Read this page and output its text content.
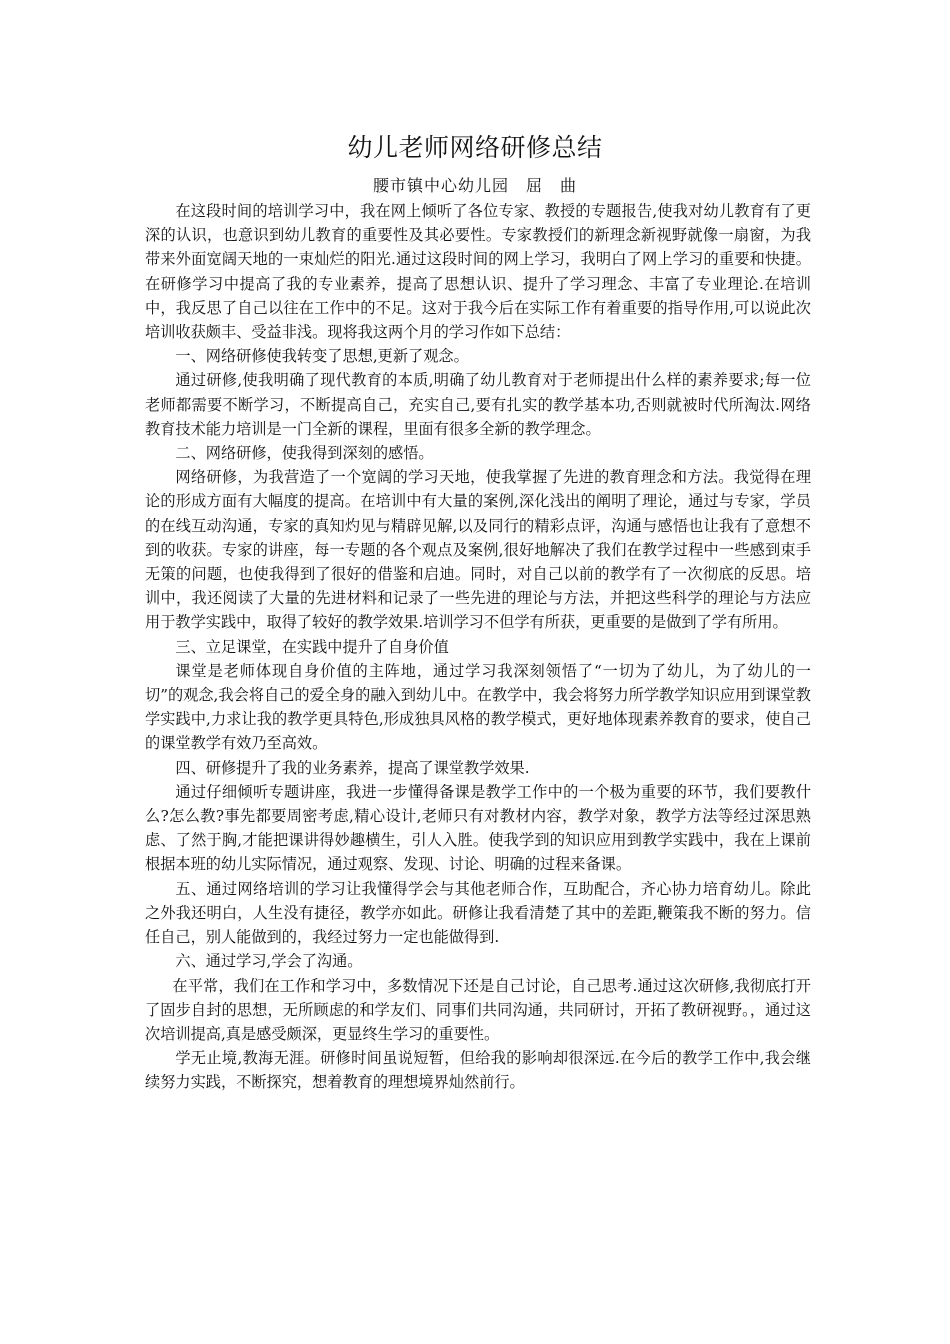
幼儿老师网络研修总结
腰市镇中心幼儿园　屈　曲

在这段时间的培训学习中，我在网上倾听了各位专家、教授的专题报告,使我对幼儿教育有了更深的认识，也意识到幼儿教育的重要性及其必要性。专家教授们的新理念新视野就像一扇窗，为我带来外面宽阔天地的一束灿烂的阳光.通过这段时间的网上学习，我明白了网上学习的重要和快捷。在研修学习中提高了我的专业素养，提高了思想认识、提升了学习理念、丰富了专业理论.在培训中，我反思了自己以往在工作中的不足。这对于我今后在实际工作有着重要的指导作用,可以说此次培训收获颇丰、受益非浅。现将我这两个月的学习作如下总结：

一、网络研修使我转变了思想,更新了观念。

通过研修,使我明确了现代教育的本质,明确了幼儿教育对于老师提出什么样的素养要求;每一位老师都需要不断学习，不断提高自己，充实自己,要有扎实的教学基本功,否则就被时代所淘汰.网络教育技术能力培训是一门全新的课程，里面有很多全新的教学理念。

二、网络研修，使我得到深刻的感悟。

网络研修，为我营造了一个宽阔的学习天地，使我掌握了先进的教育理念和方法。我觉得在理论的形成方面有大幅度的提高。在培训中有大量的案例,深化浅出的阐明了理论，通过与专家，学员的在线互动沟通，专家的真知灼见与精辟见解,以及同行的精彩点评，沟通与感悟也让我有了意想不到的收获。专家的讲座，每一专题的各个观点及案例,很好地解决了我们在教学过程中一些感到束手无策的问题，也使我得到了很好的借鉴和启迪。同时，对自己以前的教学有了一次彻底的反思。培训中，我还阅读了大量的先进材料和记录了一些先进的理论与方法，并把这些科学的理论与方法应用于教学实践中，取得了较好的教学效果.培训学习不但学有所获，更重要的是做到了学有所用。

三、立足课堂，在实践中提升了自身价值

课堂是老师体现自身价值的主阵地，通过学习我深刻领悟了“一切为了幼儿，为了幼儿的一切”的观念,我会将自己的爱全身的融入到幼儿中。在教学中，我会将努力所学教学知识应用到课堂教学实践中,力求让我的教学更具特色,形成独具风格的教学模式，更好地体现素养教育的要求，使自己的课堂教学有效乃至高效。

四、研修提升了我的业务素养，提高了课堂教学效果.

通过仔细倾听专题讲座，我进一步懂得备课是教学工作中的一个极为重要的环节，我们要教什么?怎么教?事先都要周密考虑,精心设计,老师只有对教材内容，教学对象，教学方法等经过深思熟虑、了然于胸,才能把课讲得妙趣横生，引人入胜。使我学到的知识应用到教学实践中，我在上课前根据本班的幼儿实际情况，通过观察、发现、讨论、明确的过程来备课。

五、通过网络培训的学习让我懂得学会与其他老师合作，互助配合，齐心协力培育幼儿。除此之外我还明白，人生没有捷径，教学亦如此。研修让我看清楚了其中的差距,鞭策我不断的努力。信任自己，别人能做到的，我经过努力一定也能做得到.

六、通过学习,学会了沟通。

在平常，我们在工作和学习中，多数情况下还是自己讨论，自己思考.通过这次研修,我彻底打开了固步自封的思想，无所顾虑的和学友们、同事们共同沟通，共同研讨，开拓了教研视野。，通过这次培训提高,真是感受颇深，更显终生学习的重要性。

学无止境,教海无涯。研修时间虽说短暂，但给我的影响却很深远.在今后的教学工作中,我会继续努力实践，不断探究，想着教育的理想境界灿然前行。
